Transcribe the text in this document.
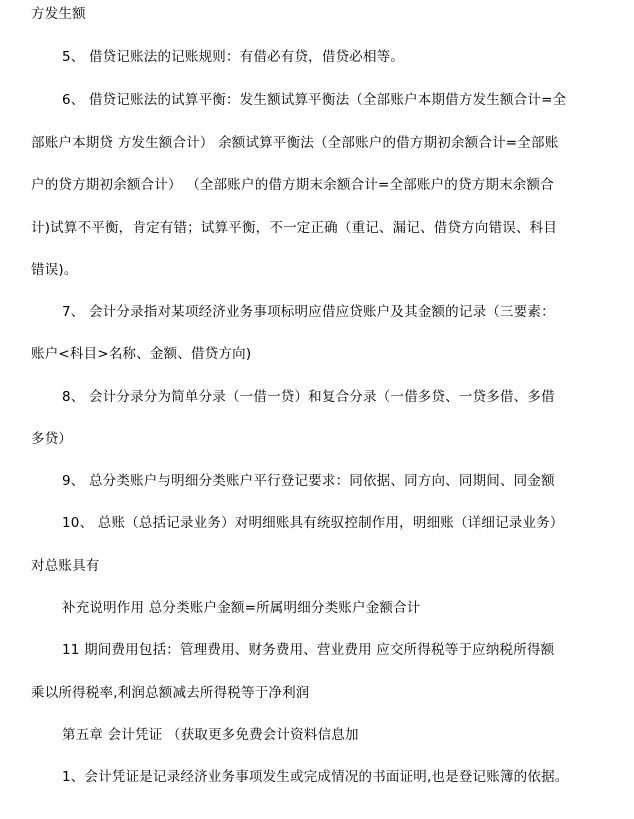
方发生额
5、 借贷记账法的记账规则：有借必有贷，借贷必相等。
6、 借贷记账法的试算平衡：发生额试算平衡法（全部账户本期借方发生额合计=全
部账户本期贷 方发生额合计） 余额试算平衡法（全部账户的借方期初余额合计=全部账
户的贷方期初余额合计） （全部账户的借方期末余额合计=全部账户的贷方期末余额合
计)试算不平衡，肯定有错；试算平衡，不一定正确（重记、漏记、借贷方向错误、科目
错误)。
7、 会计分录指对某项经济业务事项标明应借应贷账户及其金额的记录（三要素：
账户<科目>名称、金额、借贷方向)
8、 会计分录分为简单分录（一借一贷）和复合分录（一借多贷、一贷多借、多借
多贷）
9、 总分类账户与明细分类账户平行登记要求：同依据、同方向、同期间、同金额
10、 总账（总括记录业务）对明细账具有统驭控制作用，明细账（详细记录业务）
对总账具有
补充说明作用 总分类账户金额=所属明细分类账户金额合计
11 期间费用包括：管理费用、财务费用、营业费用 应交所得税等于应纳税所得额
乘以所得税率,利润总额减去所得税等于净利润
第五章 会计凭证 （获取更多免费会计资料信息加
1、会计凭证是记录经济业务事项发生或完成情况的书面证明,也是登记账簿的依据。
